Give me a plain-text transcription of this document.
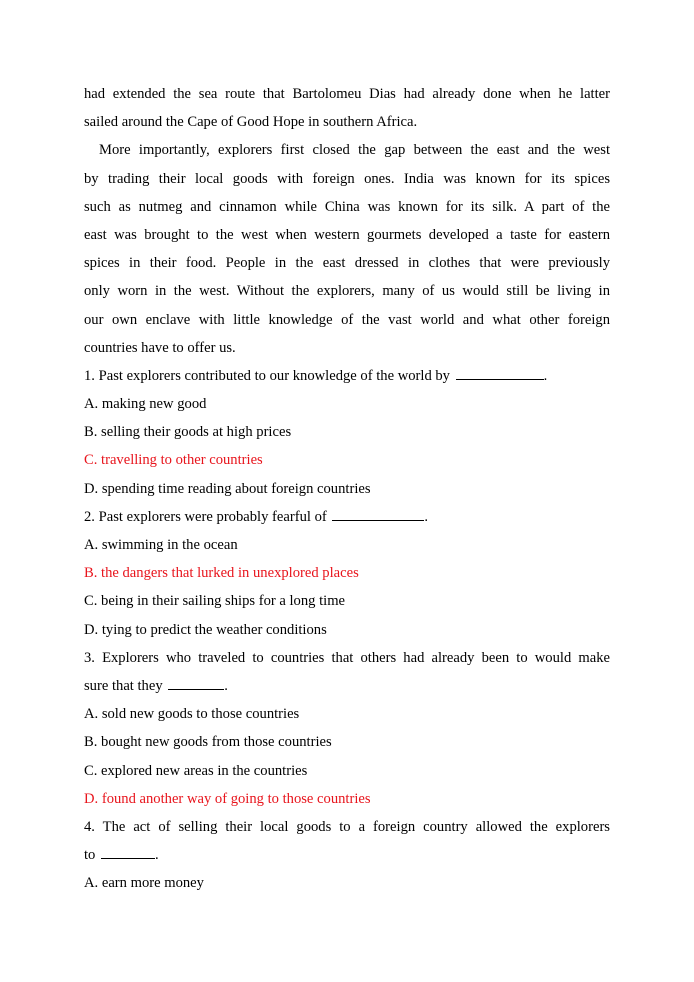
had extended the sea route that Bartolomeu Dias had already done when he latter
sailed around the Cape of Good Hope in southern Africa.
More importantly, explorers first closed the gap between the east and the west
by trading their local goods with foreign ones. India was known for its spices
such as nutmeg and cinnamon while China was known for its silk. A part of the
east was brought to the west when western gourmets developed a taste for eastern
spices in their food. People in the east dressed in clothes that were previously
only worn in the west. Without the explorers, many of us would still be living in
our own enclave with little knowledge of the vast world and what other foreign
countries have to offer us.
1. Past explorers contributed to our knowledge of the world by	.
A. making new good
B. selling their goods at high prices
C. travelling to other countries
D. spending time reading about foreign countries
2. Past explorers were probably fearful of	.
A. swimming in the ocean
B. the dangers that lurked in unexplored places
C. being in their sailing ships for a long time
D. tying to predict the weather conditions
3. Explorers who traveled to countries that others had already been to would make
sure that they	.
A. sold new goods to those countries
B. bought new goods from those countries
C. explored new areas in the countries
D. found another way of going to those countries
4. The act of selling their local goods to a foreign country allowed the explorers
to	.
A. earn more money
